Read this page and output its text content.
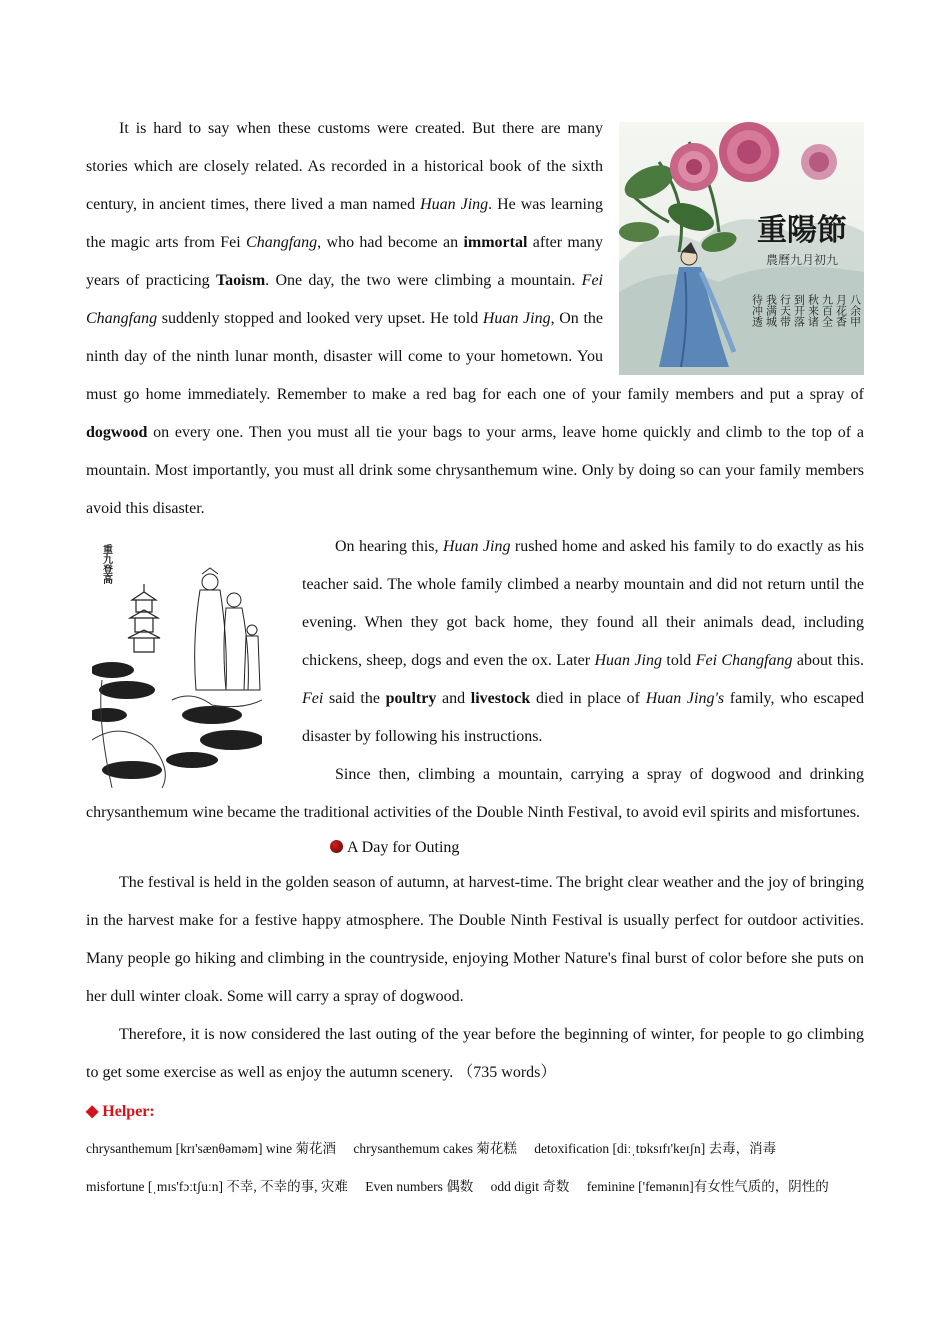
重陽節
農曆九月初九
八余甲
月花香
九百全
秋来诸
到开落
行天带
我满城
待冲透

It is hard to say when these customs were created. But there are many stories which are closely related. As recorded in a historical book of the sixth century, in ancient times, there lived a man named Huan Jing. He was learning the magic arts from Fei Changfang, who had become an immortal after many years of practicing Taoism. One day, the two were climbing a mountain. Fei Changfang suddenly stopped and looked very upset. He told Huan Jing, On the ninth day of the ninth lunar month, disaster will come to your hometown. You must go home immediately. Remember to make a red bag for each one of your family members and put a spray of dogwood on every one. Then you must all tie your bags to your arms, leave home quickly and climb to the top of a mountain. Most importantly, you must all drink some chrysanthemum wine. Only by doing so can your family members avoid this disaster.

重九登高	On hearing this, Huan Jing rushed home and asked his family to do exactly as his teacher said. The whole family climbed a nearby mountain and did not return until the evening. When they got back home, they found all their animals dead, including chickens, sheep, dogs and even the ox. Later Huan Jing told Fei Changfang about this. Fei said the poultry and livestock died in place of Huan Jing's family, who escaped disaster by following his instructions.

Since then, climbing a mountain, carrying a spray of dogwood and drinking chrysanthemum wine became the traditional activities of the Double Ninth Festival, to avoid evil spirits and misfortunes.

A Day for Outing

The festival is held in the golden season of autumn, at harvest-time. The bright clear weather and the joy of bringing in the harvest make for a festive happy atmosphere. The Double Ninth Festival is usually perfect for outdoor activities. Many people go hiking and climbing in the countryside, enjoying Mother Nature's final burst of color before she puts on her dull winter cloak. Some will carry a spray of dogwood.

Therefore, it is now considered the last outing of the year before the beginning of winter, for people to go climbing to get some exercise as well as enjoy the autumn scenery. （735 words）

◆ Helper:
chrysanthemum [krɪ'sænθəməm] wine 菊花酒 chrysanthemum cakes 菊花糕 detoxification [diːˌtɒksɪfɪ'keɪʃn] 去毒，消毒
misfortune [ˌmɪs'fɔːtʃuːn] 不幸, 不幸的事, 灾难 Even numbers 偶数 odd digit 奇数 feminine ['femənɪn]有女性气质的，阴性的
